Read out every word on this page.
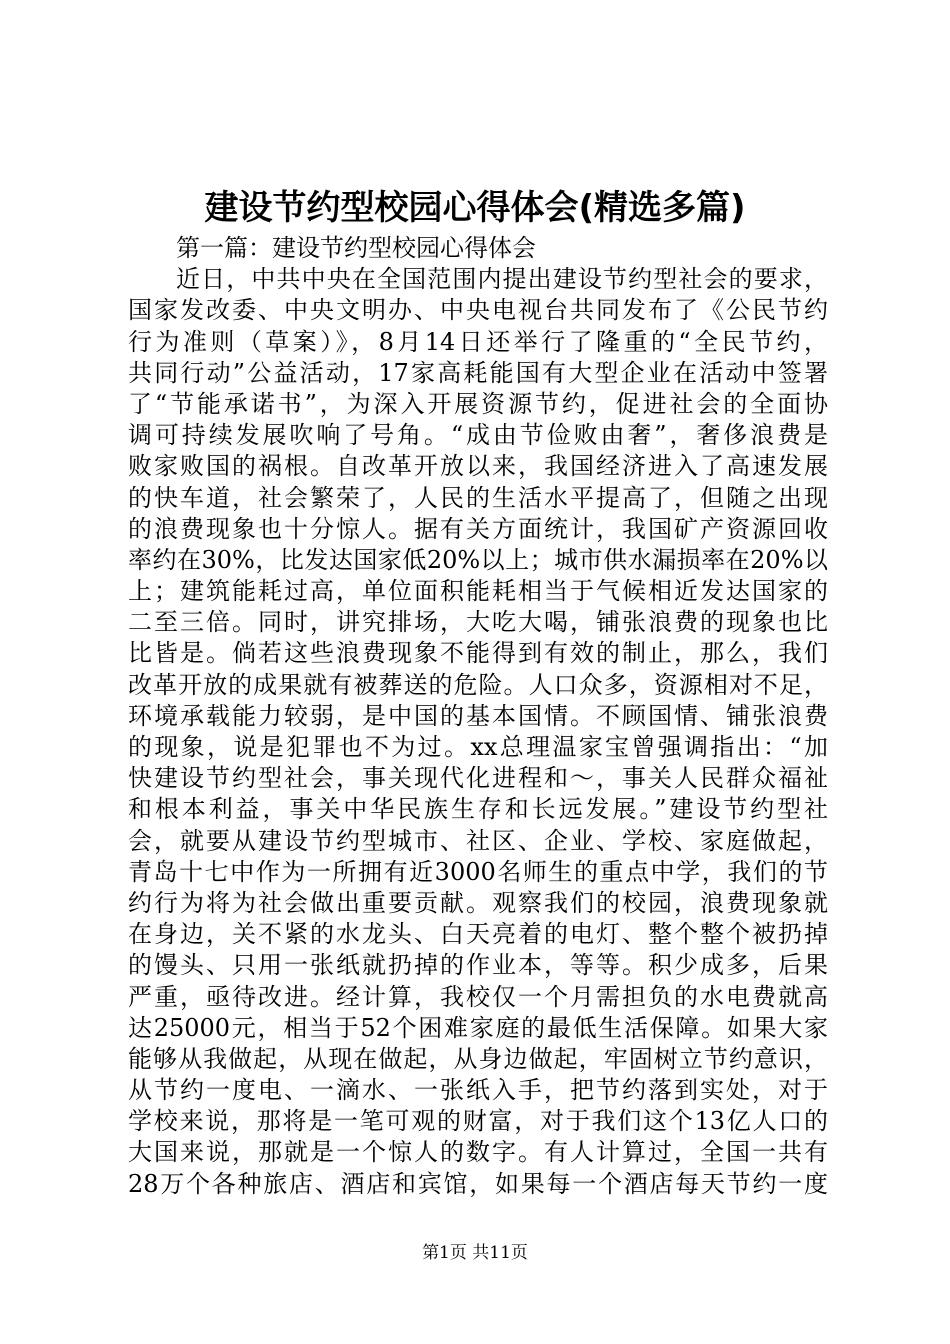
建设节约型校园心得体会(精选多篇)
第一篇：建设节约型校园心得体会
近日，中共中央在全国范围内提出建设节约型社会的要求，
国家发改委、中央文明办、中央电视台共同发布了《公民节约
行为准则（草案）》，8月14日还举行了隆重的“全民节约，
共同行动”公益活动，17家高耗能国有大型企业在活动中签署
了“节能承诺书”，为深入开展资源节约，促进社会的全面协
调可持续发展吹响了号角。“成由节俭败由奢”，奢侈浪费是
败家败国的祸根。自改革开放以来，我国经济进入了高速发展
的快车道，社会繁荣了，人民的生活水平提高了，但随之出现
的浪费现象也十分惊人。据有关方面统计，我国矿产资源回收
率约在30%，比发达国家低20%以上；城市供水漏损率在20%以
上；建筑能耗过高，单位面积能耗相当于气候相近发达国家的
二至三倍。同时，讲究排场，大吃大喝，铺张浪费的现象也比
比皆是。倘若这些浪费现象不能得到有效的制止，那么，我们
改革开放的成果就有被葬送的危险。人口众多，资源相对不足，
环境承载能力较弱，是中国的基本国情。不顾国情、铺张浪费
的现象，说是犯罪也不为过。xx总理温家宝曾强调指出：“加
快建设节约型社会，事关现代化进程和～，事关人民群众福祉
和根本利益，事关中华民族生存和长远发展。”建设节约型社
会，就要从建设节约型城市、社区、企业、学校、家庭做起，
青岛十七中作为一所拥有近3000名师生的重点中学，我们的节
约行为将为社会做出重要贡献。观察我们的校园，浪费现象就
在身边，关不紧的水龙头、白天亮着的电灯、整个整个被扔掉
的馒头、只用一张纸就扔掉的作业本，等等。积少成多，后果
严重，亟待改进。经计算，我校仅一个月需担负的水电费就高
达25000元，相当于52个困难家庭的最低生活保障。如果大家
能够从我做起，从现在做起，从身边做起，牢固树立节约意识，
从节约一度电、一滴水、一张纸入手，把节约落到实处，对于
学校来说，那将是一笔可观的财富，对于我们这个13亿人口的
大国来说，那就是一个惊人的数字。有人计算过，全国一共有
28万个各种旅店、酒店和宾馆，如果每一个酒店每天节约一度
第1页 共11页
